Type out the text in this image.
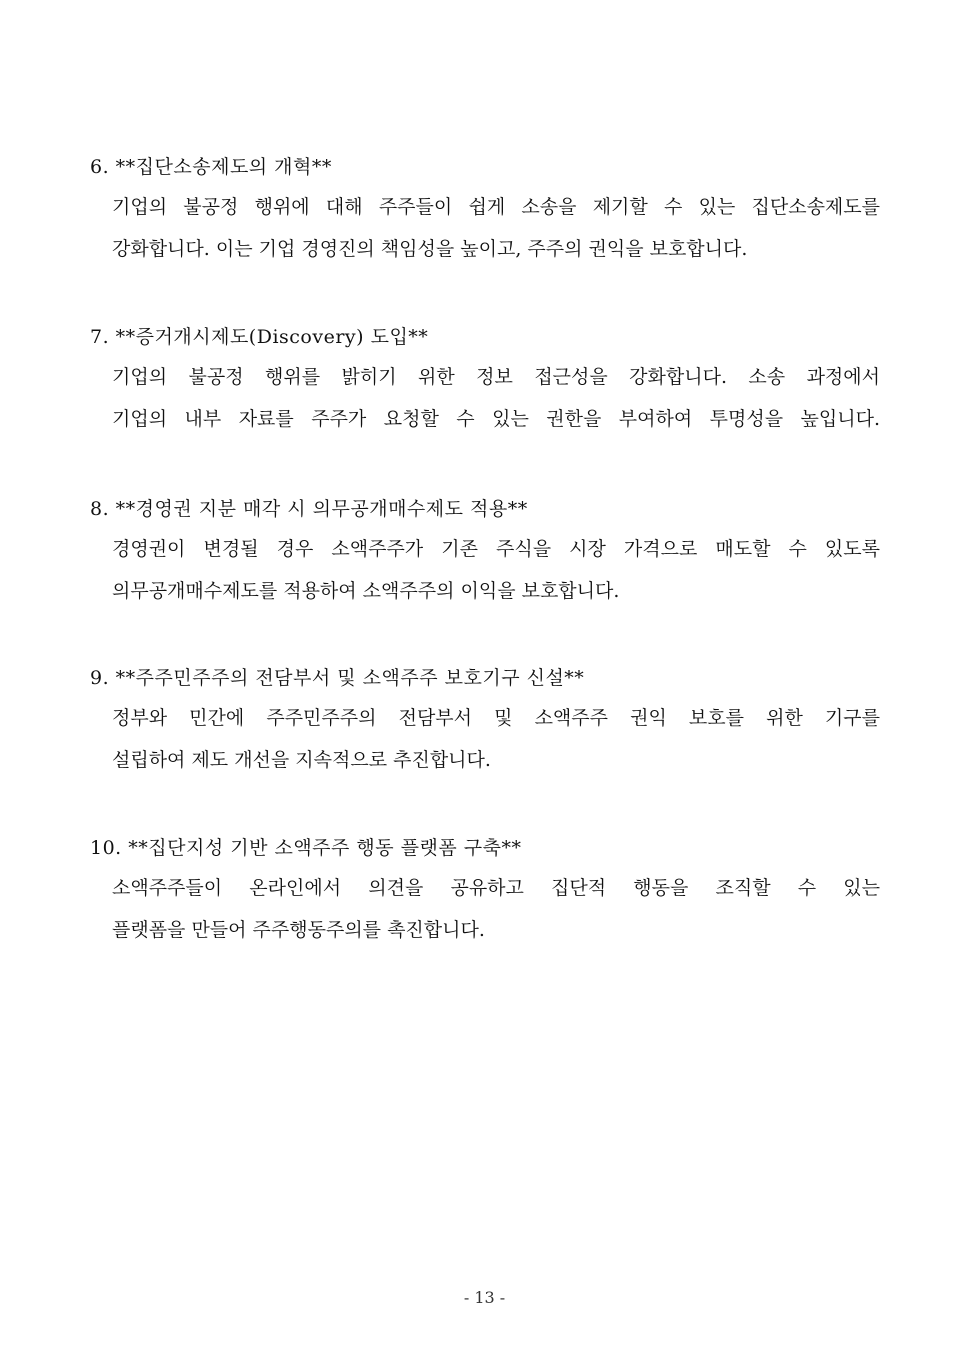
6. **집단소송제도의 개혁**
기업의 불공정 행위에 대해 주주들이 쉽게 소송을 제기할 수 있는 집단소송제도를
강화합니다. 이는 기업 경영진의 책임성을 높이고, 주주의 권익을 보호합니다.
7. **증거개시제도(Discovery) 도입**
기업의 불공정 행위를 밝히기 위한 정보 접근성을 강화합니다. 소송 과정에서
기업의 내부 자료를 주주가 요청할 수 있는 권한을 부여하여 투명성을 높입니다.
8. **경영권 지분 매각 시 의무공개매수제도 적용**
경영권이 변경될 경우 소액주주가 기존 주식을 시장 가격으로 매도할 수 있도록
의무공개매수제도를 적용하여 소액주주의 이익을 보호합니다.
9. **주주민주주의 전담부서 및 소액주주 보호기구 신설**
정부와 민간에 주주민주주의 전담부서 및 소액주주 권익 보호를 위한 기구를
설립하여 제도 개선을 지속적으로 추진합니다.
10. **집단지성 기반 소액주주 행동 플랫폼 구축**
소액주주들이 온라인에서 의견을 공유하고 집단적 행동을 조직할 수 있는
플랫폼을 만들어 주주행동주의를 촉진합니다.
- 13 -
